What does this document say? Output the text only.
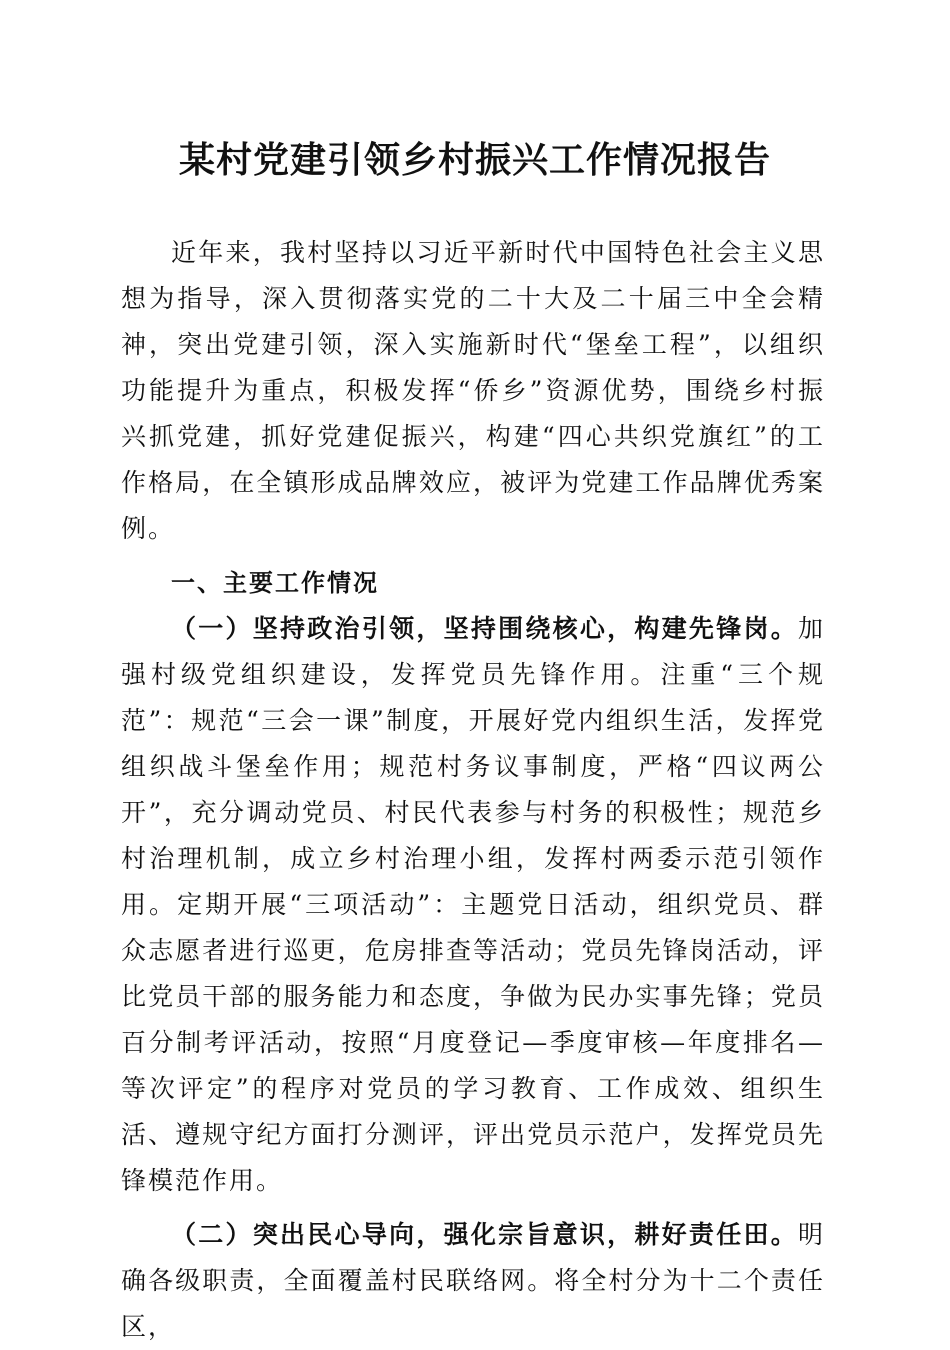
某村党建引领乡村振兴工作情况报告

近年来，我村坚持以习近平新时代中国特色社会主义思想为指导，深入贯彻落实党的二十大及二十届三中全会精神，突出党建引领，深入实施新时代“堡垒工程”，以组织功能提升为重点，积极发挥“侨乡”资源优势，围绕乡村振兴抓党建，抓好党建促振兴，构建“四心共织党旗红”的工作格局，在全镇形成品牌效应，被评为党建工作品牌优秀案例。

一、主要工作情况

（一）坚持政治引领，坚持围绕核心，构建先锋岗。加强村级党组织建设，发挥党员先锋作用。注重“三个规范”：规范“三会一课”制度，开展好党内组织生活，发挥党组织战斗堡垒作用；规范村务议事制度，严格“四议两公开”，充分调动党员、村民代表参与村务的积极性；规范乡村治理机制，成立乡村治理小组，发挥村两委示范引领作用。定期开展“三项活动”：主题党日活动，组织党员、群众志愿者进行巡更，危房排查等活动；党员先锋岗活动，评比党员干部的服务能力和态度，争做为民办实事先锋；党员百分制考评活动，按照“月度登记—季度审核—年度排名—等次评定”的程序对党员的学习教育、工作成效、组织生活、遵规守纪方面打分测评，评出党员示范户，发挥党员先锋模范作用。

（二）突出民心导向，强化宗旨意识，耕好责任田。明确各级职责，全面覆盖村民联络网。将全村分为十二个责任区，
